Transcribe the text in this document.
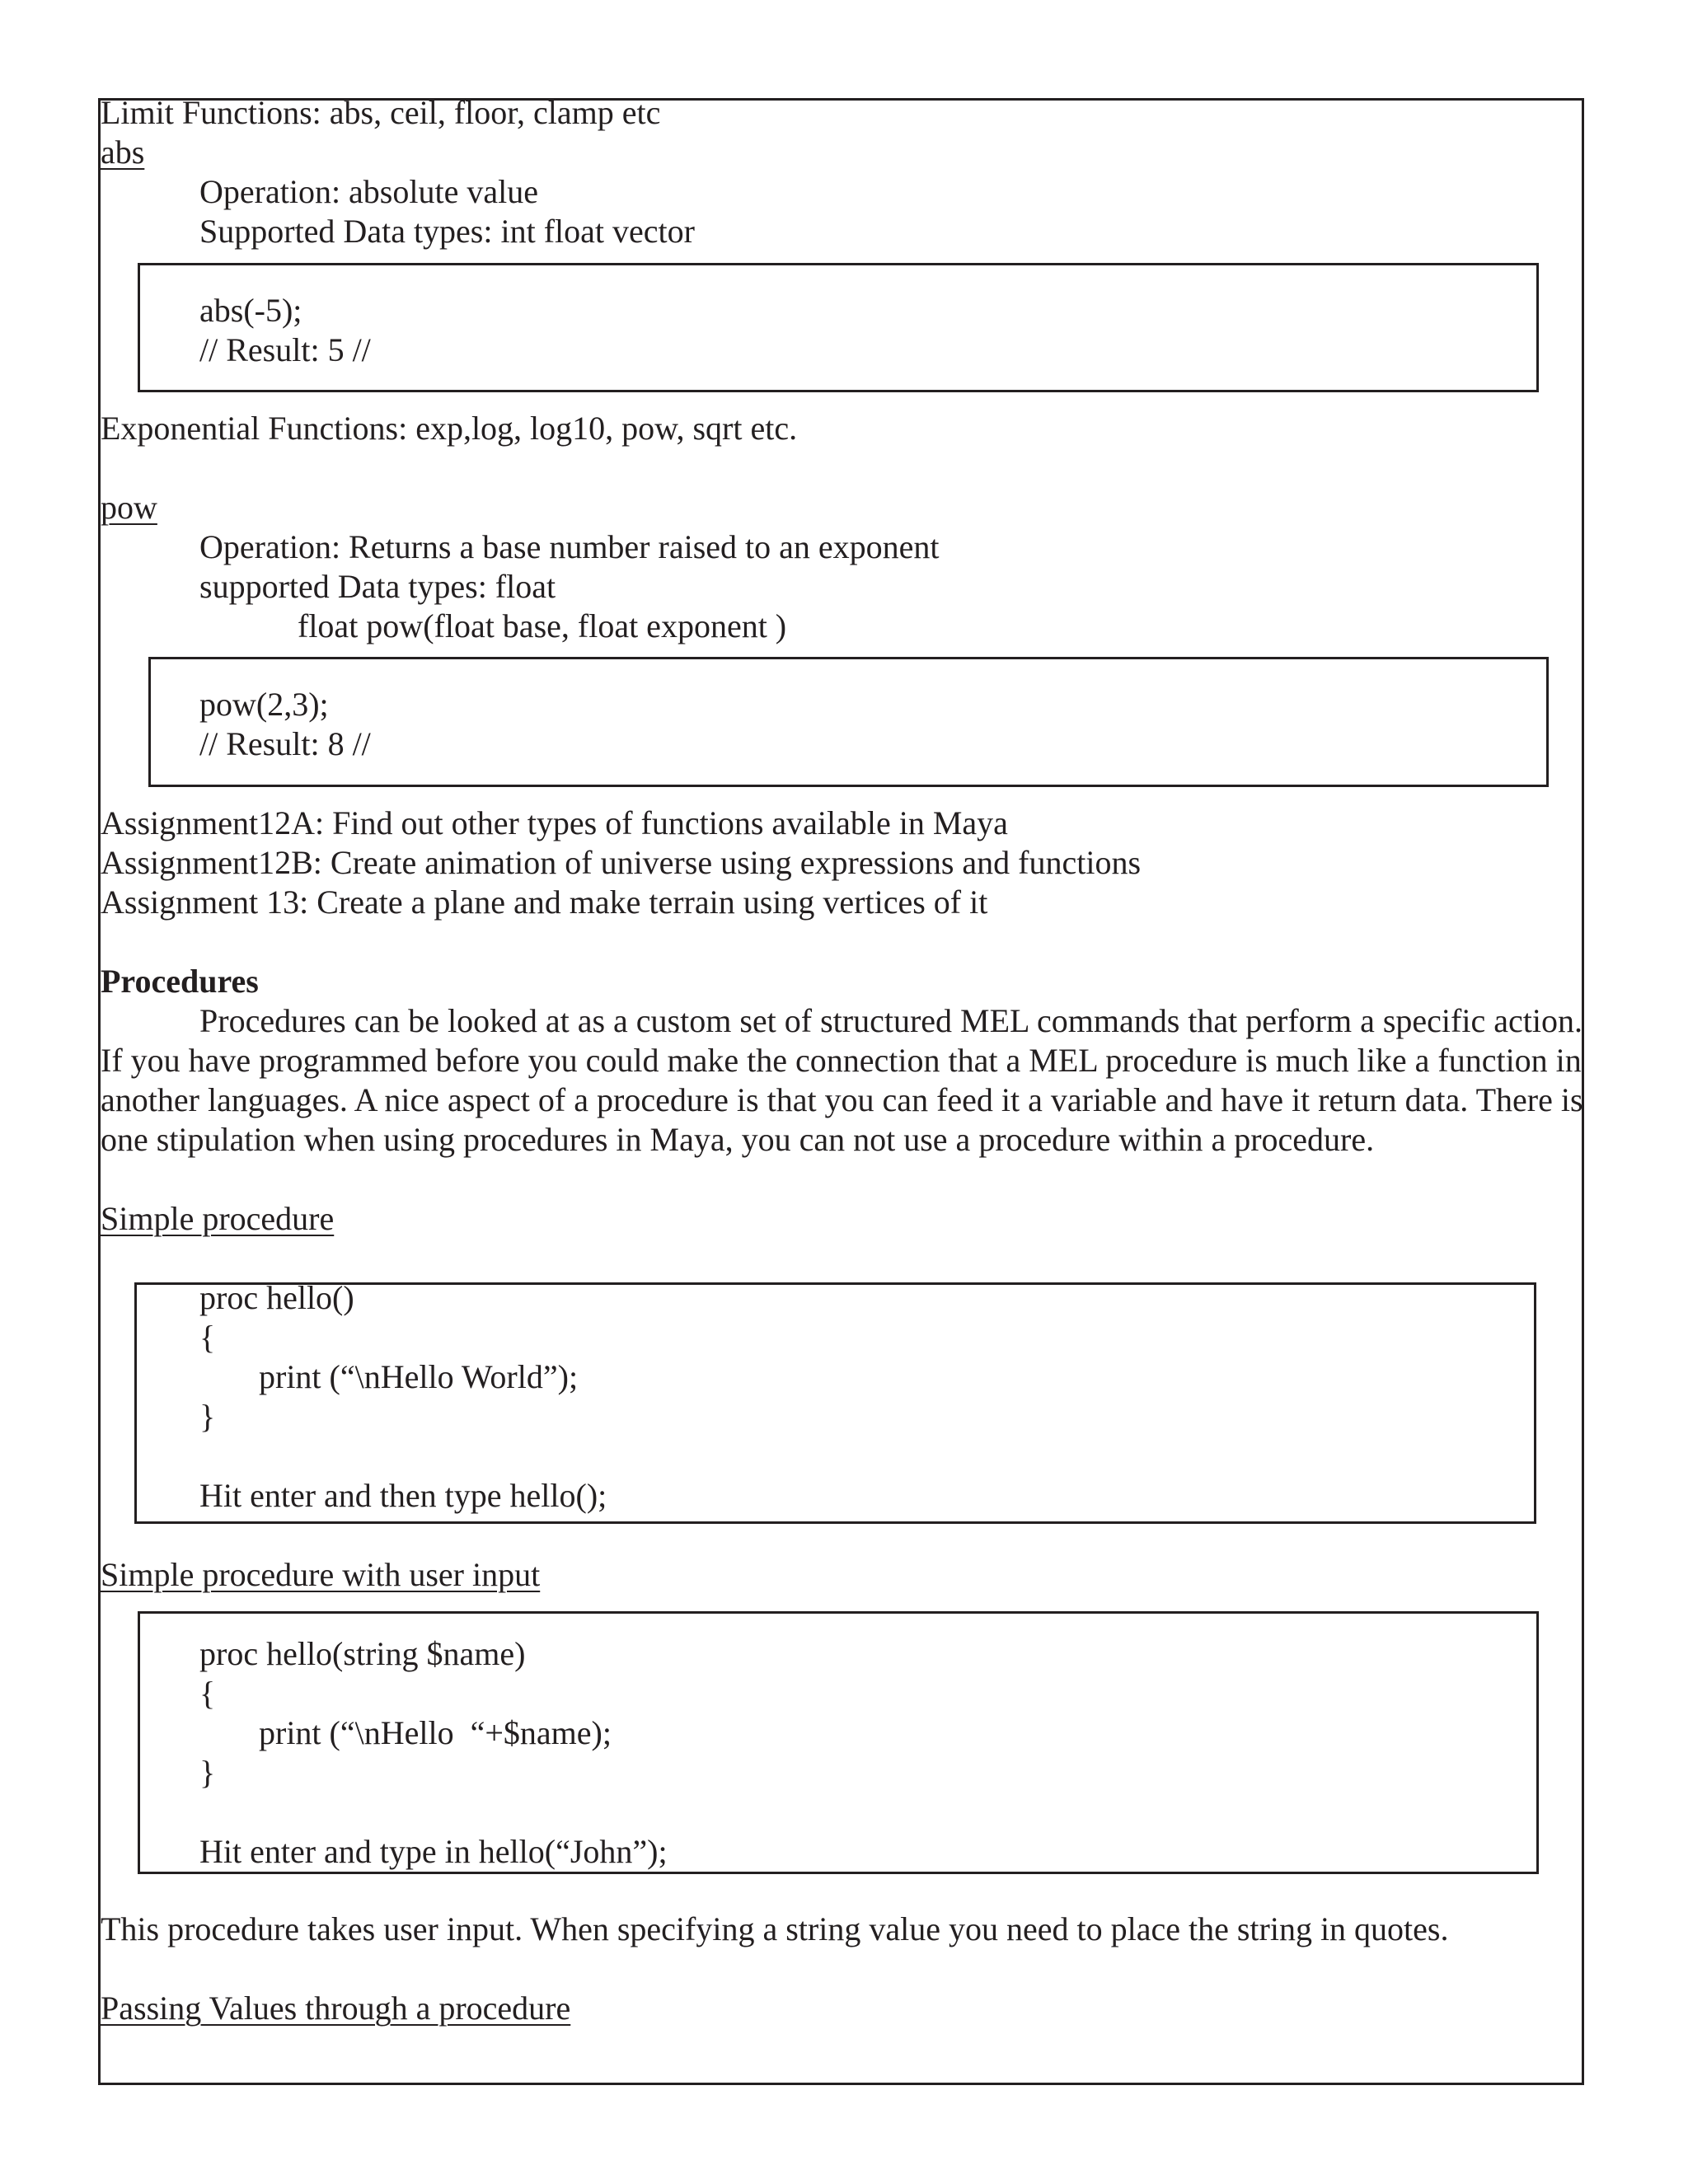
Limit Functions: abs, ceil, floor, clamp etc
abs
Operation: absolute value
Supported Data types: int float vector
abs(-5);
// Result: 5 //
Exponential Functions: exp,log, log10, pow, sqrt etc.
pow
Operation: Returns a base number raised to an exponent
supported Data types: float
float pow(float base, float exponent )
pow(2,3);
// Result: 8 //
Assignment12A: Find out other types of functions available in Maya
Assignment12B: Create animation of universe using expressions and functions
Assignment 13: Create a plane and make terrain using vertices of it
Procedures
Procedures can be looked at as a custom set of structured MEL commands that perform a specific action.
If you have programmed before you could make the connection that a MEL procedure is much like a function in
another languages. A nice aspect of a procedure is that you can feed it a variable and have it return data. There is
one stipulation when using procedures in Maya, you can not use a procedure within a procedure.
Simple procedure
proc hello()
{
print (“\nHello World”);
}
Hit enter and then type hello();
Simple procedure with user input
proc hello(string $name)
{
print (“\nHello  “+$name);
}
Hit enter and type in hello(“John”);
This procedure takes user input. When specifying a string value you need to place the string in quotes.
Passing Values through a procedure
